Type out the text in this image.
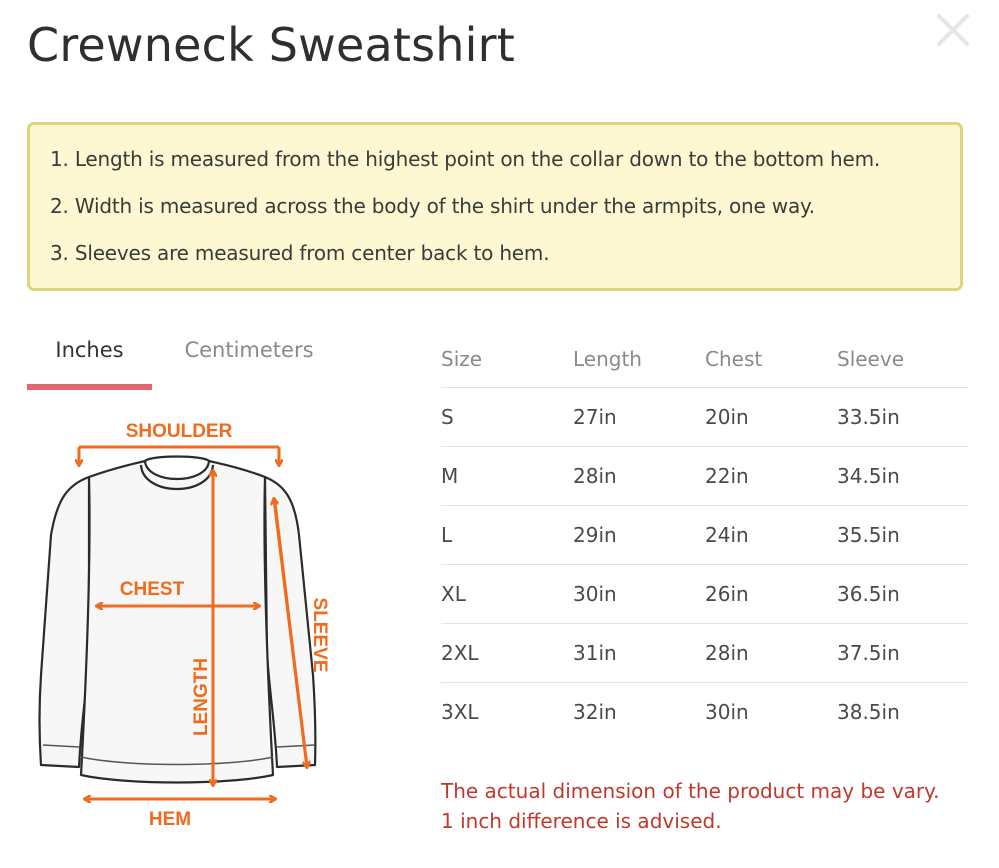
Crewneck Sweatshirt

1. Length is measured from the highest point on the collar down to the bottom hem.

2. Width is measured across the body of the shirt under the armpits, one way.

3. Sleeves are measured from center back to hem.

Inches	Centimeters
SHOULDER
CHEST
LENGTH
SLEEVE
HEM
Size	Length	Chest	Sleeve
S	27in	20in	33.5in
M	28in	22in	34.5in
L	29in	24in	35.5in
XL	30in	26in	36.5in
2XL	31in	28in	37.5in
3XL	32in	30in	38.5in
The actual dimension of the product may be vary.
1 inch difference is advised.
